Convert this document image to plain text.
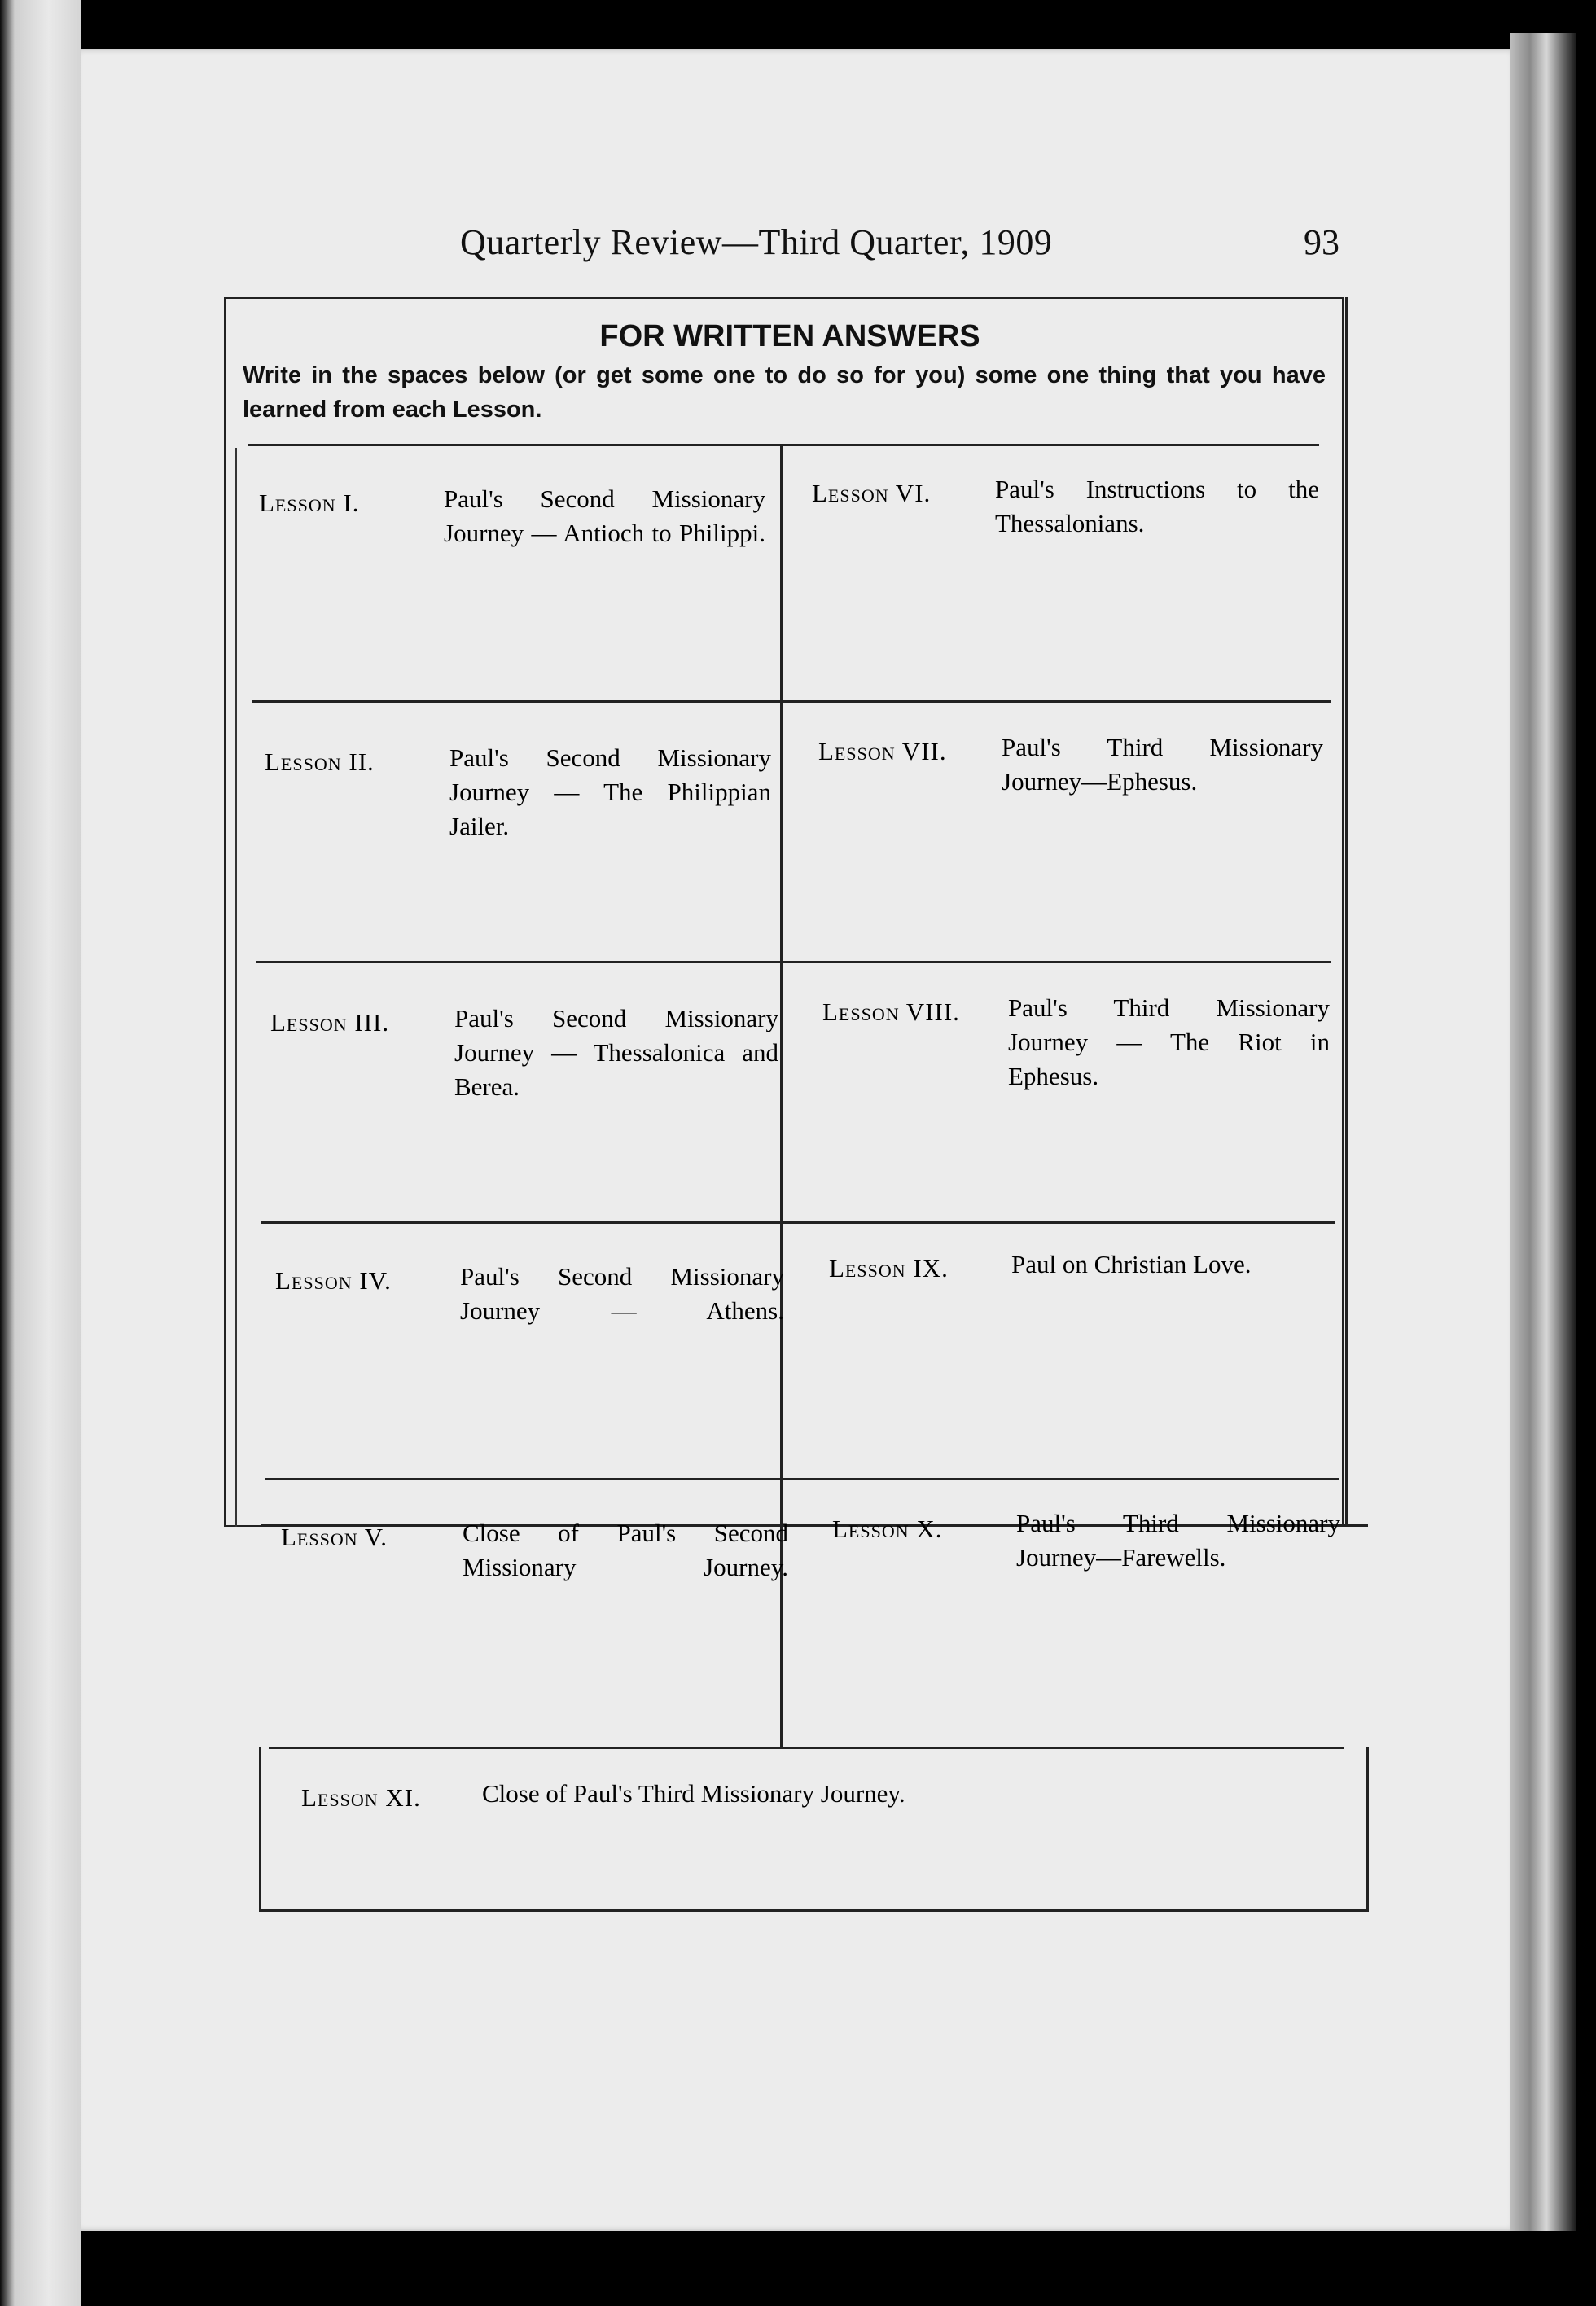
Quarterly Review—Third Quarter, 1909	93
FOR WRITTEN ANSWERS
Write in the spaces below (or get some one to do so for you) some one thing that you have learned from each Lesson.
Lesson I.	Paul's Second Missionary Journey — Antioch to Philippi.
Lesson VI.	Paul's Instructions to the Thessalonians.
Lesson II.	Paul's Second Missionary Journey — The Philippian Jailer.
Lesson VII. Paul's Third Missionary Journey—Ephesus.
Lesson III.	Paul's Second Missionary Journey — Thessalonica and Berea.
Lesson VIII. Paul's Third Missionary Journey — The Riot in Ephesus.
Lesson IV.	Paul's Second Missionary Journey — Athens.
Lesson IX. Paul on Christian Love.
Lesson V.	Close of Paul's Second Missionary Journey.
Lesson X.	Paul's Third Missionary Journey—Farewells.
Lesson XI. Close of Paul's Third Missionary Journey.
